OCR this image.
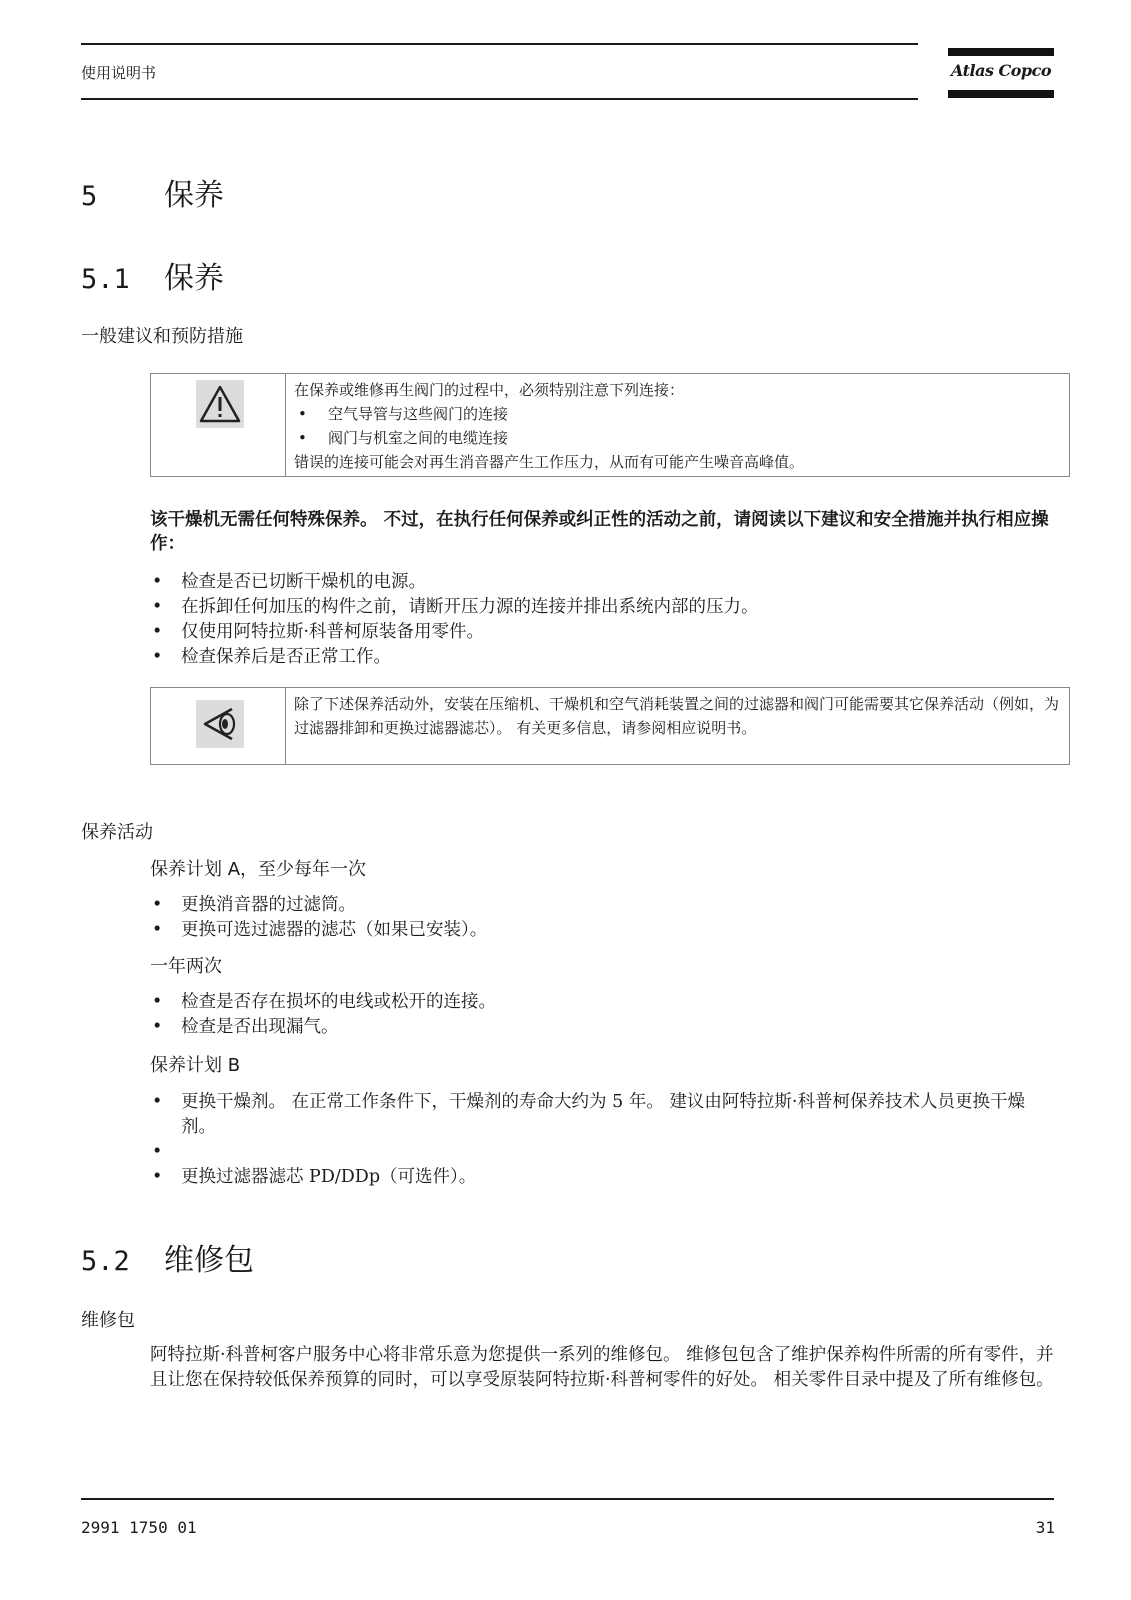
使用说明书	Atlas Copco
5 保养
5.1 保养
一般建议和预防措施
在保养或维修再生阀门的过程中，必须特别注意下列连接：
• 空气导管与这些阀门的连接
• 阀门与机室之间的电缆连接
错误的连接可能会对再生消音器产生工作压力，从而有可能产生噪音高峰值。
该干燥机无需任何特殊保养。 不过，在执行任何保养或纠正性的活动之前，请阅读以下建议和安全措施并执行相应操作：
• 检查是否已切断干燥机的电源。
• 在拆卸任何加压的构件之前，请断开压力源的连接并排出系统内部的压力。
• 仅使用阿特拉斯·科普柯原装备用零件。
• 检查保养后是否正常工作。
除了下述保养活动外，安装在压缩机、干燥机和空气消耗装置之间的过滤器和阀门可能需要其它保养活动（例如，为过滤器排卸和更换过滤器滤芯）。 有关更多信息，请参阅相应说明书。
保养活动
保养计划 A，至少每年一次
• 更换消音器的过滤筒。
• 更换可选过滤器的滤芯（如果已安装）。
一年两次
• 检查是否存在损坏的电线或松开的连接。
• 检查是否出现漏气。
保养计划 B
• 更换干燥剂。 在正常工作条件下，干燥剂的寿命大约为 5 年。 建议由阿特拉斯·科普柯保养技术人员更换干燥剂。
•
• 更换过滤器滤芯 PD/DDp（可选件）。
5.2 维修包
维修包
阿特拉斯·科普柯客户服务中心将非常乐意为您提供一系列的维修包。 维修包包含了维护保养构件所需的所有零件，并且让您在保持较低保养预算的同时，可以享受原装阿特拉斯·科普柯零件的好处。 相关零件目录中提及了所有维修包。
2991 1750 01	31
